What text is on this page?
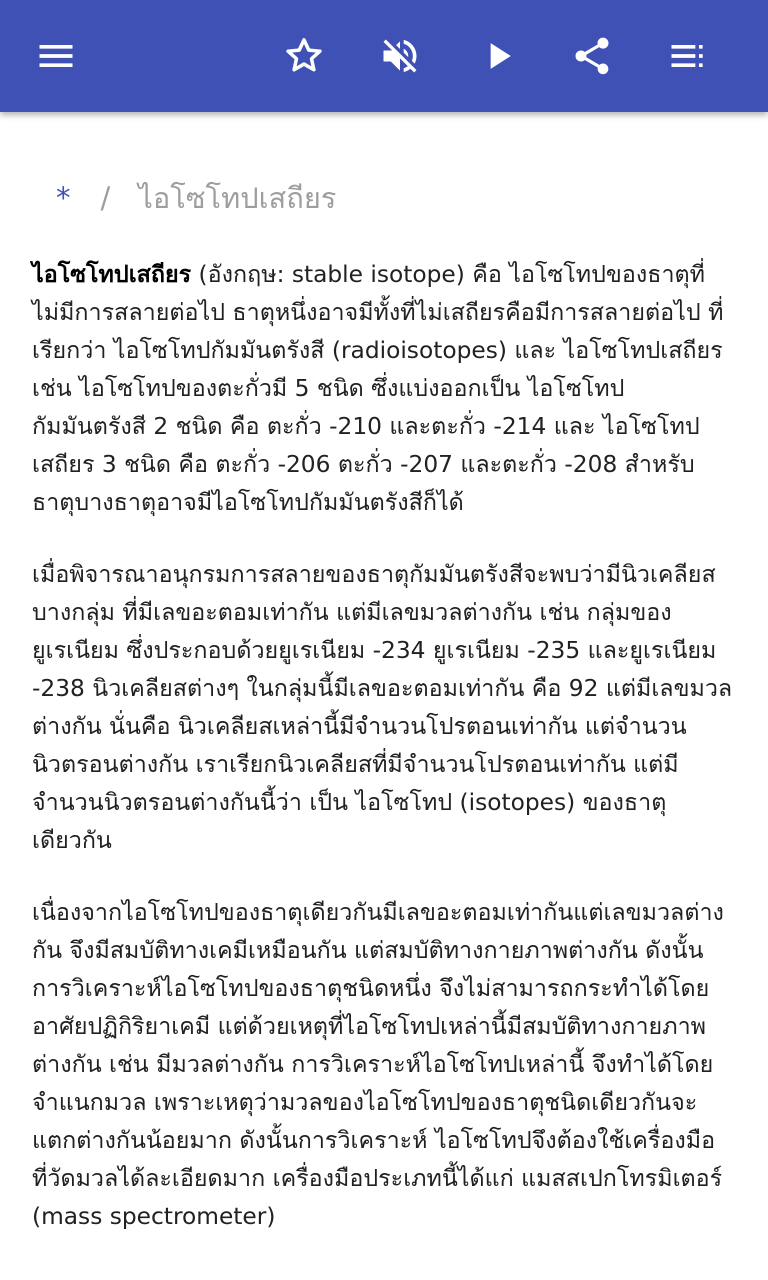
* / ไอโซโทปเสถียร

ไอโซโทปเสถียร (อังกฤษ: stable isotope) คือ ไอโซโทปของธาตุที่ไม่มีการสลายต่อไป ธาตุหนึ่งอาจมีทั้งที่ไม่เสถียรคือมีการสลายต่อไป ที่เรียกว่า ไอโซโทปกัมมันตรังสี (radioisotopes) และ ไอโซโทปเสถียร เช่น ไอโซโทปของตะกั่วมี 5 ชนิด ซึ่งแบ่งออกเป็น ไอโซโทปกัมมันตรังสี 2 ชนิด คือ ตะกั่ว -210 และตะกั่ว -214 และ ไอโซโทปเสถียร 3 ชนิด คือ ตะกั่ว -206 ตะกั่ว -207 และตะกั่ว -208 สำหรับธาตุบางธาตุอาจมีไอโซโทปกัมมันตรังสีก็ได้

เมื่อพิจารณาอนุกรมการสลายของธาตุกัมมันตรังสีจะพบว่ามีนิวเคลียสบางกลุ่ม ที่มีเลขอะตอมเท่ากัน แต่มีเลขมวลต่างกัน เช่น กลุ่มของยูเรเนียม ซึ่งประกอบด้วยยูเรเนียม -234 ยูเรเนียม -235 และยูเรเนียม -238 นิวเคลียสต่างๆ ในกลุ่มนี้มีเลขอะตอมเท่ากัน คือ 92 แต่มีเลขมวลต่างกัน นั่นคือ นิวเคลียสเหล่านี้มีจำนวนโปรตอนเท่ากัน แต่จำนวนนิวตรอนต่างกัน เราเรียกนิวเคลียสที่มีจำนวนโปรตอนเท่ากัน แต่มีจำนวนนิวตรอนต่างกันนี้ว่า เป็น ไอโซโทป (isotopes) ของธาตุเดียวกัน

เนื่องจากไอโซโทปของธาตุเดียวกันมีเลขอะตอมเท่ากันแต่เลขมวลต่างกัน จึงมีสมบัติทางเคมีเหมือนกัน แต่สมบัติทางกายภาพต่างกัน ดังนั้นการวิเคราะห์ไอโซโทปของธาตุชนิดหนึ่ง จึงไม่สามารถกระทำได้โดยอาศัยปฏิกิริยาเคมี แต่ด้วยเหตุที่ไอโซโทปเหล่านี้มีสมบัติทางกายภาพต่างกัน เช่น มีมวลต่างกัน การวิเคราะห์ไอโซโทปเหล่านี้ จึงทำได้โดยจำแนกมวล เพราะเหตุว่ามวลของไอโซโทปของธาตุชนิดเดียวกันจะแตกต่างกันน้อยมาก ดังนั้นการวิเคราะห์ ไอโซโทปจึงต้องใช้เครื่องมือ ที่วัดมวลได้ละเอียดมาก เครื่องมือประเภทนี้ได้แก่ แมสสเปกโทรมิเตอร์ (mass spectrometer)
